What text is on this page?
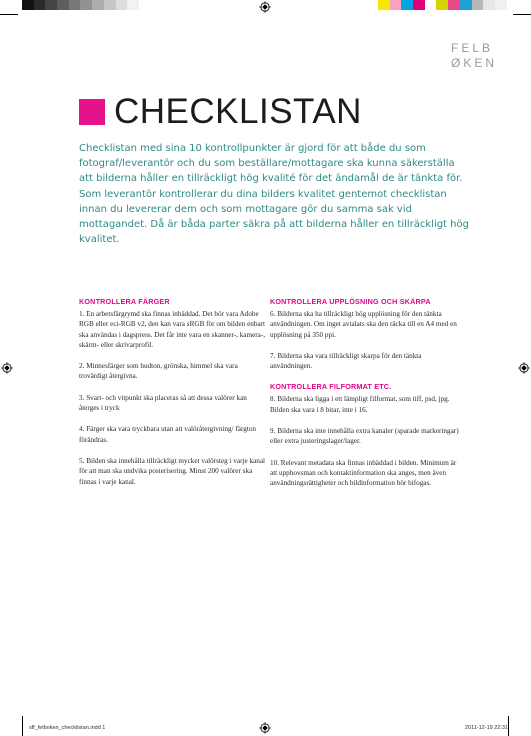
FELB
ØKEN
CHECKLISTAN

Checklistan med sina 10 kontrollpunkter är gjord för att både du som fotograf/leverantör och du som beställare/mottagare ska kunna säkerställa att bilderna håller en tillräckligt hög kvalité för det ändamål de är tänkta för. Som leverantör kontrollerar du dina bilders kvalitet gentemot checklistan innan du levererar dem och som mottagare gör du samma sak vid mottagandet. Då är båda parter säkra på att bilderna håller en tillräckligt hög kvalitet.

KONTROLLERA FÄRGER

1. En arbetsfärgrymd ska finnas inbäddad. Det bör vara Adobe RGB eller eci-RGB v2, den kan vara sRGB för om bilden enbart ska användas i dagspress. Det får inte vara en skanner-, kamera-, skärm- eller skrivarprofil.

2. Minnesfärger som hudton, grönska, himmel ska vara trovärdigt återgivna.

3. Svart- och vitpunkt ska placeras så att dessa valörer kan återges i tryck

4. Färger ska vara tryckbara utan att valöråtergivning/ färgton förändras.

5. Bilden ska innehålla tillräckligt mycket valörsteg i varje kanal för att man ska undvika posterisering. Minst 200 valörer ska finnas i varje kanal.

KONTROLLERA UPPLÖSNING OCH SKÄRPA

6. Bilderna ska ha tillräckligt hög upplösning för den tänkta användningen. Om inget avtalats ska den räcka till en A4 med en upplösning på 350 ppi.

7. Bilderna ska vara tillräckligt skarpa för den tänkta användningen.

KONTROLLERA FILFORMAT ETC.

8. Bilderna ska ligga i ett lämpligt filformat, som tiff, psd, jpg. Bilden ska vara i 8 bitar, inte i 16.

9. Bilderna ska inte innehålla extra kanaler (sparade markeringar) eller extra justeringslager/lager.

10. Relevant metadata ska finnas inbäddad i bilden. Minimum är att upphovsman och kontaktinformation ska anges, men även användningsrättigheter och bildinformation bör bifogas.

sff_felboken_checklistan.indd 1	2011-12-19 22:31
